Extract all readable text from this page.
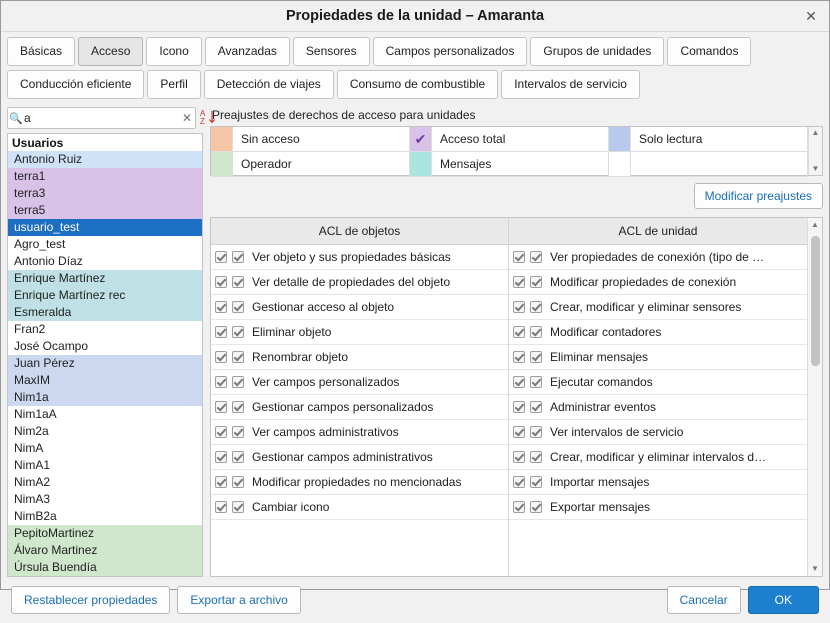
Propiedades de la unidad – Amaranta	✕
Básicas	Acceso	Icono	Avanzadas	Sensores	Campos personalizados	Grupos de unidades	Comandos
Conducción eficiente	Perfil	Detección de viajes	Consumo de combustible	Intervalos de servicio
🔍
a	✕ A
Z
Usuarios
Antonio Ruiz
terra1
terra3
terra5
usuario_test
Agro_test
Antonio Díaz
Enrique Martínez
Enrique Martínez rec
Esmeralda
Fran2
José Ocampo
Juan Pérez
MaxIM
Nim1a
Nim1aA
Nim2a
NimA
NimA1
NimA2
NimA3
NimB2a
PepitoMartinez
Álvaro Martinez
Úrsula Buendía
Preajustes de derechos de acceso para unidades
Sin acceso	✔	Acceso total	Solo lectura
Operador	Mensajes
▲
▼
Modificar preajustes
ACL de objetos
Ver objeto y sus propiedades básicas
Ver detalle de propiedades del objeto
Gestionar acceso al objeto
Eliminar objeto
Renombrar objeto
Ver campos personalizados
Gestionar campos personalizados
Ver campos administrativos
Gestionar campos administrativos
Modificar propiedades no mencionadas
Cambiar icono
ACL de unidad
Ver propiedades de conexión (tipo de …
Modificar propiedades de conexión
Crear, modificar y eliminar sensores
Modificar contadores
Eliminar mensajes
Ejecutar comandos
Administrar eventos
Ver intervalos de servicio
Crear, modificar y eliminar intervalos d…
Importar mensajes
Exportar mensajes
▲
▼
Restablecer propiedades	Exportar a archivo	Cancelar	OK
